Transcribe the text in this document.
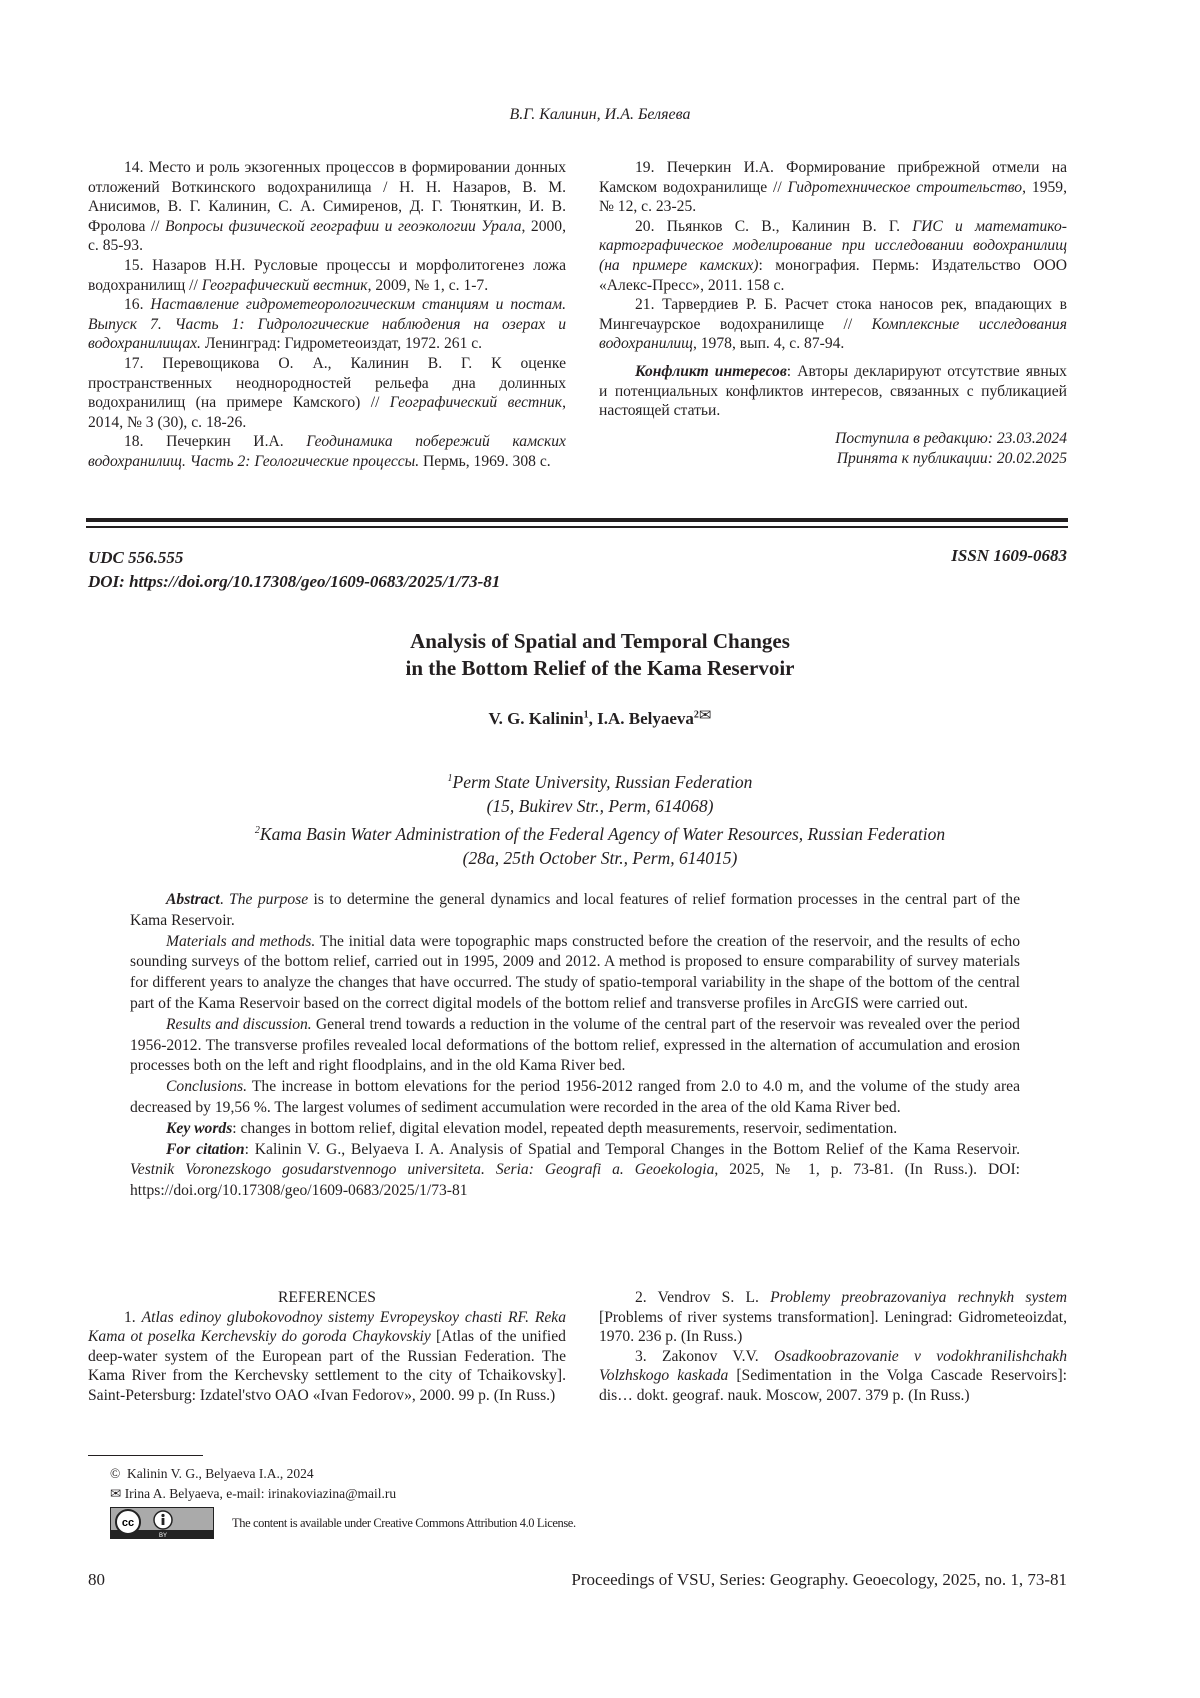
В.Г. Калинин, И.А. Беляева

14. Место и роль экзогенных процессов в формировании донных отложений Воткинского водохранилища / Н. Н. Назаров, В. М. Анисимов, В. Г. Калинин, С. А. Симиренов, Д. Г. Тюняткин, И. В. Фролова // Вопросы физической географии и геоэкологии Урала, 2000, с. 85-93.

15. Назаров Н.Н. Русловые процессы и морфолитогенез ложа водохранилищ // Географический вестник, 2009, № 1, с. 1-7.

16. Наставление гидрометеорологическим станциям и постам. Выпуск 7. Часть 1: Гидрологические наблюдения на озерах и водохранилищах. Ленинград: Гидрометеоиздат, 1972. 261 с.

17. Перевощикова О. А., Калинин В. Г. К оценке пространственных неоднородностей рельефа дна долинных водохранилищ (на примере Камского) // Географический вестник, 2014, № 3 (30), с. 18-26.

18. Печеркин И.А. Геодинамика побережий камских водохранилищ. Часть 2: Геологические процессы. Пермь, 1969. 308 с.

19. Печеркин И.А. Формирование прибрежной отмели на Камском водохранилище // Гидротехническое строительство, 1959, № 12, с. 23-25.

20. Пьянков С. В., Калинин В. Г. ГИС и математико-картографическое моделирование при исследовании водохранилищ (на примере камских): монография. Пермь: Издательство ООО «Алекс-Пресс», 2011. 158 с.

21. Тарвердиев Р. Б. Расчет стока наносов рек, впадающих в Мингечаурское водохранилище // Комплексные исследования водохранилищ, 1978, вып. 4, с. 87-94.

Конфликт интересов: Авторы декларируют отсутствие явных и потенциальных конфликтов интересов, связанных с публикацией настоящей статьи.

Поступила в редакцию: 23.03.2024
Принята к публикации: 20.02.2025
UDC 556.555
DOI: https://doi.org/10.17308/geo/1609-0683/2025/1/73-81
ISSN 1609-0683
Analysis of Spatial and Temporal Changes
in the Bottom Relief of the Kama Reservoir
V. G. Kalinin1, I.A. Belyaeva2✉
1Perm State University, Russian Federation
(15, Bukirev Str., Perm, 614068)
2Kama Basin Water Administration of the Federal Agency of Water Resources, Russian Federation
(28a, 25th October Str., Perm, 614015)

Abstract. The purpose is to determine the general dynamics and local features of relief formation processes in the central part of the Kama Reservoir.

Materials and methods. The initial data were topographic maps constructed before the creation of the reservoir, and the results of echo sounding surveys of the bottom relief, carried out in 1995, 2009 and 2012. A method is proposed to ensure comparability of survey materials for different years to analyze the changes that have occurred. The study of spatio-temporal variability in the shape of the bottom of the central part of the Kama Reservoir based on the correct digital models of the bottom relief and transverse profiles in ArcGIS were carried out.

Results and discussion. General trend towards a reduction in the volume of the central part of the reservoir was revealed over the period 1956-2012. The transverse profiles revealed local deformations of the bottom relief, expressed in the alternation of accumulation and erosion processes both on the left and right floodplains, and in the old Kama River bed.

Conclusions. The increase in bottom elevations for the period 1956-2012 ranged from 2.0 to 4.0 m, and the volume of the study area decreased by 19,56 %. The largest volumes of sediment accumulation were recorded in the area of the old Kama River bed.

Key words: changes in bottom relief, digital elevation model, repeated depth measurements, reservoir, sedimentation.

For citation: Kalinin V. G., Belyaeva I. A. Analysis of Spatial and Temporal Changes in the Bottom Relief of the Kama Reservoir. Vestnik Voronezskogo gosudarstvennogo universiteta. Seria: Geografi a. Geoekologia, 2025, № 1, p. 73-81. (In Russ.). DOI: https://doi.org/10.17308/geo/1609-0683/2025/1/73-81

REFERENCES

1. Atlas edinoy glubokovodnoy sistemy Evropeyskoy chasti RF. Reka Kama ot poselka Kerchevskiy do goroda Chaykovskiy [Atlas of the unified deep-water system of the European part of the Russian Federation. The Kama River from the Kerchevsky settlement to the city of Tchaikovsky]. Saint-Petersburg: Izdatel'stvo OAO «Ivan Fedorov», 2000. 99 p. (In Russ.)

2. Vendrov S. L. Problemy preobrazovaniya rechnykh system [Problems of river systems transformation]. Leningrad: Gidrometeoizdat, 1970. 236 p. (In Russ.)

3. Zakonov V.V. Osadkoobrazovanie v vodokhranilishchakh Volzhskogo kaskada [Sedimentation in the Volga Cascade Reservoirs]: dis… dokt. geograf. nauk. Moscow, 2007. 379 p. (In Russ.)

© Kalinin V. G., Belyaeva I.A., 2024
✉ Irina A. Belyaeva, e-mail: irinakoviazina@mail.ru
cc
BY
The content is available under Creative Commons Attribution 4.0 License.
80	Proceedings of VSU, Series: Geography. Geoecology, 2025, no. 1, 73-81
